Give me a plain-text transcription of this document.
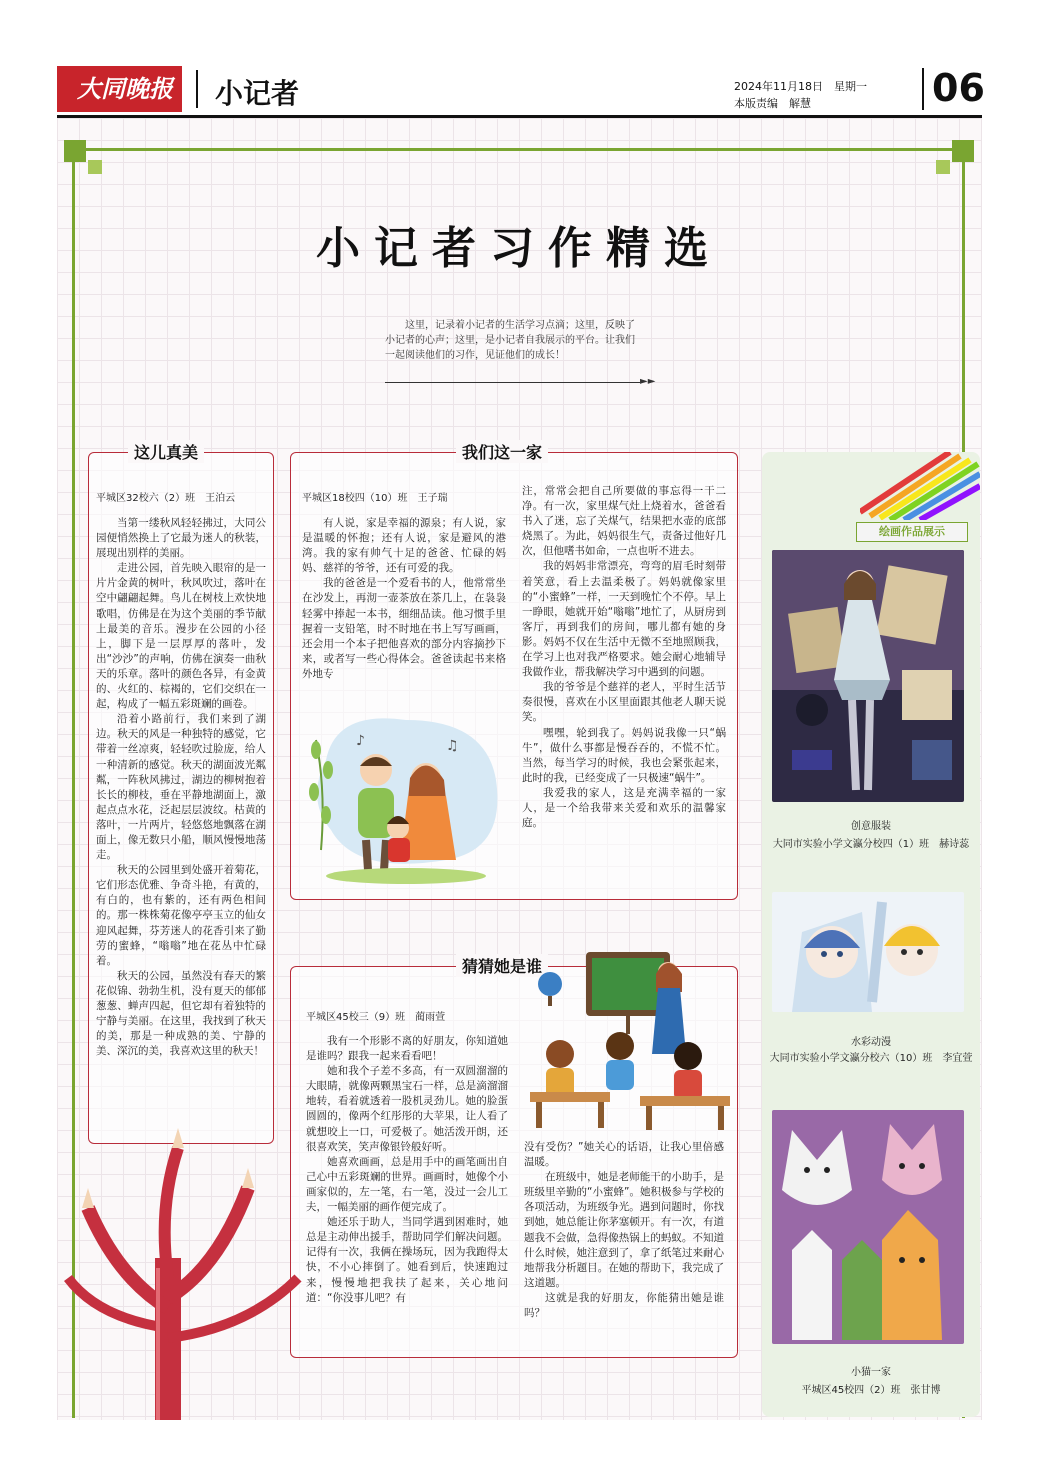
大同晚报	小记者	2024年11月18日　星期一
本版责编　解慧	06
小记者习作精选
这里，记录着小记者的生活学习点滴；这里，反映了小记者的心声；这里，是小记者自我展示的平台。让我们一起阅读他们的习作，见证他们的成长！
►►
这儿真美
平城区32校六（2）班　王泊云

当第一缕秋风轻轻拂过，大同公园便悄然换上了它最为迷人的秋装，展现出别样的美丽。

走进公园，首先映入眼帘的是一片片金黄的树叶，秋风吹过，落叶在空中翩翩起舞。鸟儿在树枝上欢快地歌唱，仿佛是在为这个美丽的季节献上最美的音乐。漫步在公园的小径上，脚下是一层厚厚的落叶，发出“沙沙”的声响，仿佛在演奏一曲秋天的乐章。落叶的颜色各异，有金黄的、火红的、棕褐的，它们交织在一起，构成了一幅五彩斑斓的画卷。

沿着小路前行，我们来到了湖边。秋天的风是一种独特的感觉，它带着一丝凉爽，轻轻吹过脸庞，给人一种清新的感觉。秋天的湖面波光粼粼，一阵秋风拂过，湖边的柳树抱着长长的柳枝，垂在平静地湖面上，激起点点水花，泛起层层波纹。枯黄的落叶，一片两片，轻悠悠地飘落在湖面上，像无数只小船，顺风慢慢地荡走。

秋天的公园里到处盛开着菊花，它们形态优雅、争奇斗艳，有黄的，有白的，也有紫的，还有两色相间的。那一株株菊花像亭亭玉立的仙女迎风起舞，芬芳迷人的花香引来了勤劳的蜜蜂，“嗡嗡”地在花丛中忙碌着。

秋天的公园，虽然没有春天的繁花似锦、勃勃生机，没有夏天的郁郁葱葱、蝉声四起，但它却有着独特的宁静与美丽。在这里，我找到了秋天的美，那是一种成熟的美、宁静的美、深沉的美，我喜欢这里的秋天！

我们这一家
平城区18校四（10）班　王子瑞

有人说，家是幸福的源泉；有人说，家是温暖的怀抱；还有人说，家是避风的港湾。我的家有帅气十足的爸爸、忙碌的妈妈、慈祥的爷爷，还有可爱的我。

我的爸爸是一个爱看书的人，他常常坐在沙发上，再沏一壶茶放在茶几上，在袅袅轻雾中捧起一本书，细细品读。他习惯手里握着一支铅笔，时不时地在书上写写画画，还会用一个本子把他喜欢的部分内容摘抄下来，或者写一些心得体会。爸爸读起书来格外地专

注，常常会把自己所要做的事忘得一干二净。有一次，家里煤气灶上烧着水，爸爸看书入了迷，忘了关煤气，结果把水壶的底部烧黑了。为此，妈妈很生气，责备过他好几次，但他嗜书如命，一点也听不进去。

我的妈妈非常漂亮，弯弯的眉毛时刻带着笑意，看上去温柔极了。妈妈就像家里的“小蜜蜂”一样，一天到晚忙个不停。早上一睁眼，她就开始“嗡嗡”地忙了，从厨房到客厅，再到我们的房间，哪儿都有她的身影。妈妈不仅在生活中无微不至地照顾我，在学习上也对我严格要求。她会耐心地辅导我做作业，帮我解决学习中遇到的问题。

我的爷爷是个慈祥的老人，平时生活节奏很慢，喜欢在小区里面跟其他老人聊天说笑。

嘿嘿，轮到我了。妈妈说我像一只“蜗牛”，做什么事都是慢吞吞的，不慌不忙。当然，每当学习的时候，我也会紧张起来，此时的我，已经变成了一只极速“蜗牛”。

我爱我的家人，这是充满幸福的一家人，是一个给我带来关爱和欢乐的温馨家庭。

♪	♫
猜猜她是谁
平城区45校三（9）班　蔺雨萱

我有一个形影不离的好朋友，你知道她是谁吗？跟我一起来看看吧！

她和我个子差不多高，有一双圆溜溜的大眼睛，就像两颗黑宝石一样，总是滴溜溜地转，看着就透着一股机灵劲儿。她的脸蛋圆圆的，像两个红彤彤的大苹果，让人看了就想咬上一口，可爱极了。她活泼开朗，还很喜欢笑，笑声像银铃般好听。

她喜欢画画，总是用手中的画笔画出自己心中五彩斑斓的世界。画画时，她像个小画家似的，左一笔，右一笔，没过一会儿工夫，一幅美丽的画作便完成了。

她还乐于助人，当同学遇到困难时，她总是主动伸出援手，帮助同学们解决问题。记得有一次，我俩在操场玩，因为我跑得太快，不小心摔倒了。她看到后，快速跑过来，慢慢地把我扶了起来，关心地问道：“你没事儿吧？有

没有受伤？”她关心的话语，让我心里倍感温暖。

在班级中，她是老师能干的小助手，是班级里辛勤的“小蜜蜂”。她积极参与学校的各项活动，为班级争光。遇到问题时，你找到她，她总能让你茅塞顿开。有一次，有道题我不会做，急得像热锅上的蚂蚁。不知道什么时候，她注意到了，拿了纸笔过来耐心地帮我分析题目。在她的帮助下，我完成了这道题。

这就是我的好朋友，你能猜出她是谁吗？

绘画作品展示
创意服装
大同市实验小学文瀛分校四（1）班　赫诗蕊
水彩动漫
大同市实验小学文瀛分校六（10）班　李宜萱
小猫一家
平城区45校四（2）班　张甘博
